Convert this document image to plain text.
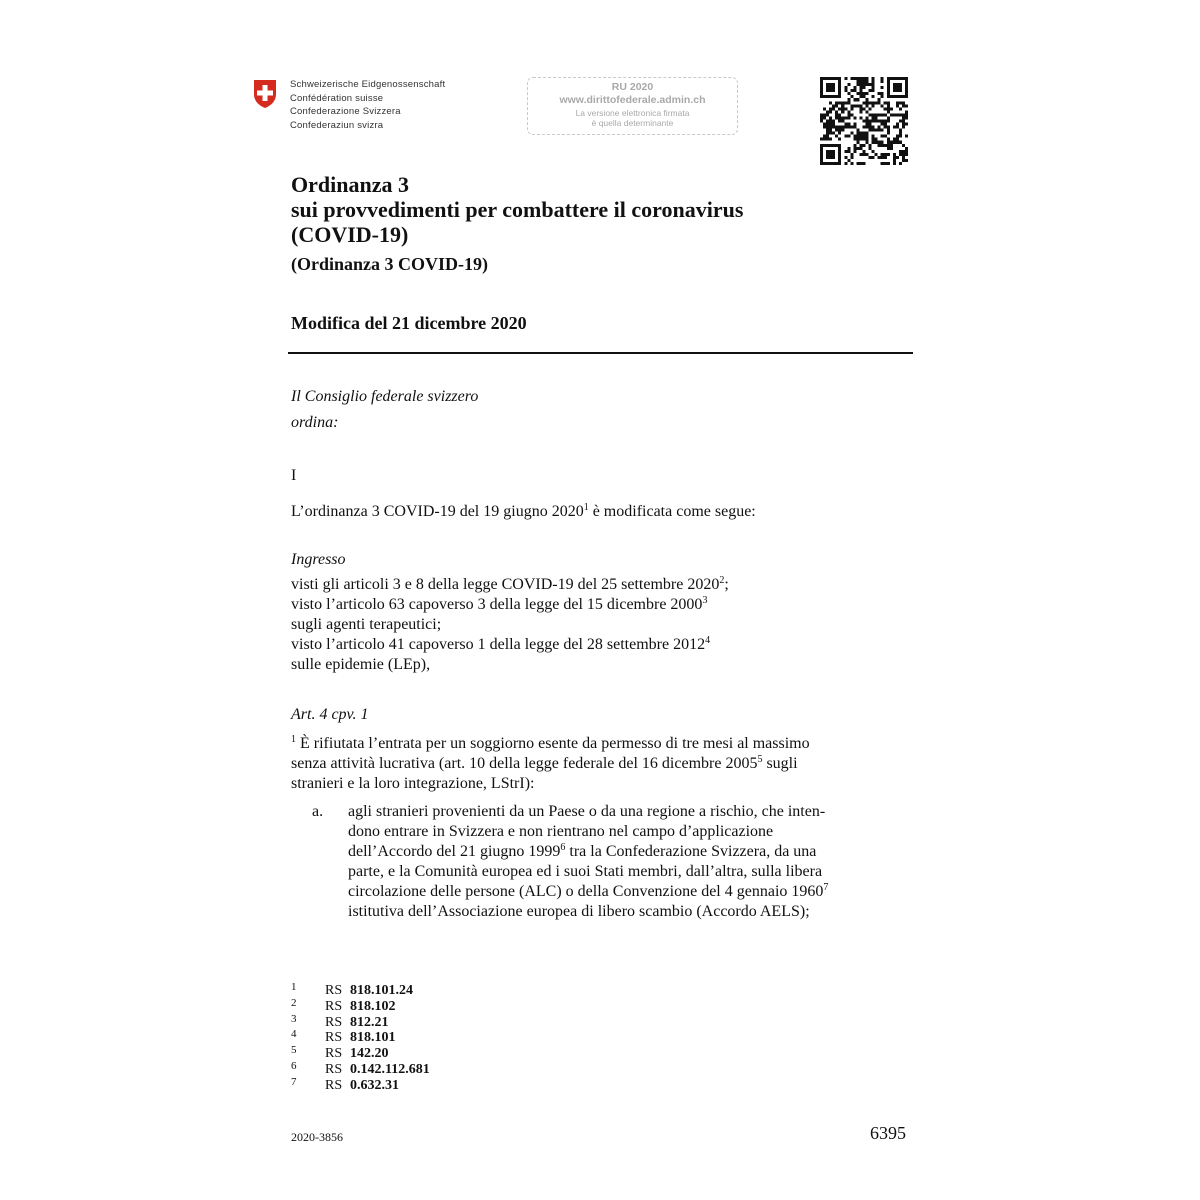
Schweizerische Eidgenossenschaft
Confédération suisse
Confederazione Svizzera
Confederaziun svizra
RU 2020
www.dirittofederale.admin.ch
La versione elettronica firmata
è quella determinante
Ordinanza 3
sui provvedimenti per combattere il coronavirus
(COVID-19)
(Ordinanza 3 COVID-19)
Modifica del 21 dicembre 2020
Il Consiglio federale svizzero
ordina:
I
L’ordinanza 3 COVID-19 del 19 giugno 2020$^1$ è modificata come segue:
Ingresso
visti gli articoli 3 e 8 della legge COVID-19 del 25 settembre 2020$^2$;
visto l’articolo 63 capoverso 3 della legge del 15 dicembre 2000$^3$
sugli agenti terapeutici;
visto l’articolo 41 capoverso 1 della legge del 28 settembre 2012$^4$
sulle epidemie (LEp),
Art. 4 cpv. 1
$^1$ È rifiutata l’entrata per un soggiorno esente da permesso di tre mesi al massimo
senza attività lucrativa (art. 10 della legge federale del 16 dicembre 2005$^5$ sugli
stranieri e la loro integrazione, LStrI):
a. agli stranieri provenienti da un Paese o da una regione a rischio, che inten-
dono entrare in Svizzera e non rientrano nel campo d’applicazione
dell’Accordo del 21 giugno 1999$^6$ tra la Confederazione Svizzera, da una
parte, e la Comunità europea ed i suoi Stati membri, dall’altra, sulla libera
circolazione delle persone (ALC) o della Convenzione del 4 gennaio 1960$^7$
istitutiva dell’Associazione europea di libero scambio (Accordo AELS);
1	RS 818.101.24
2	RS 818.102
3	RS 812.21
4	RS 818.101
5	RS 142.20
6	RS 0.142.112.681
7	RS 0.632.31
2020-3856	6395
